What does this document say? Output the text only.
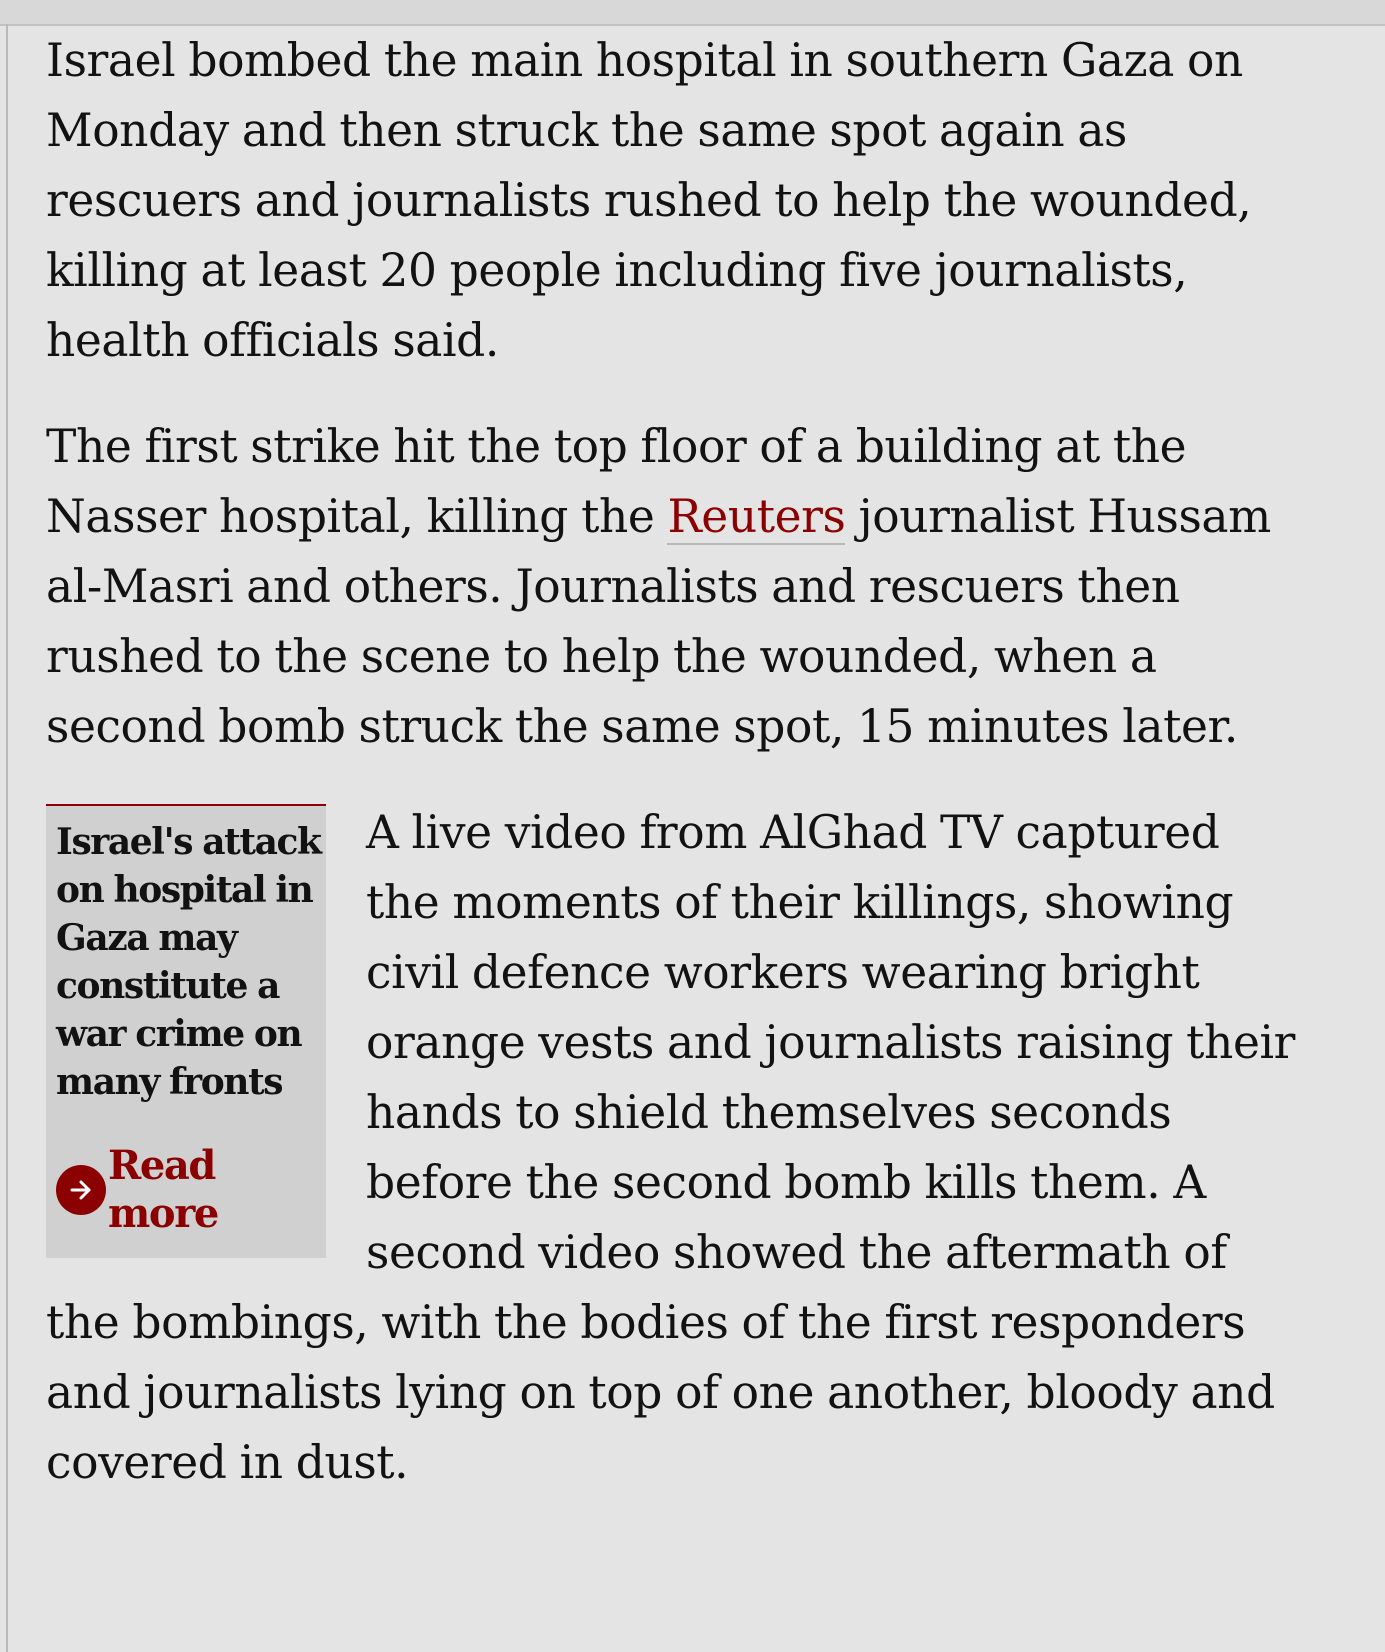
Israel bombed the main hospital in southern Gaza on Monday and then struck the same spot again as rescuers and journalists rushed to help the wounded, killing at least 20 people including five journalists, health officials said.

The first strike hit the top floor of a building at the Nasser hospital, killing the Reuters journalist Hussam al-Masri and others. Journalists and rescuers then rushed to the scene to help the wounded, when a second bomb struck the same spot, 15 minutes later.

Israel's attack on hospital in Gaza may constitute a war crime on many fronts

Read more

A live video from AlGhad TV captured the moments of their killings, showing civil defence workers wearing bright orange vests and journalists raising their hands to shield themselves seconds before the second bomb kills them. A second video showed the aftermath of the bombings, with the bodies of the first responders and journalists lying on top of one another, bloody and covered in dust.
